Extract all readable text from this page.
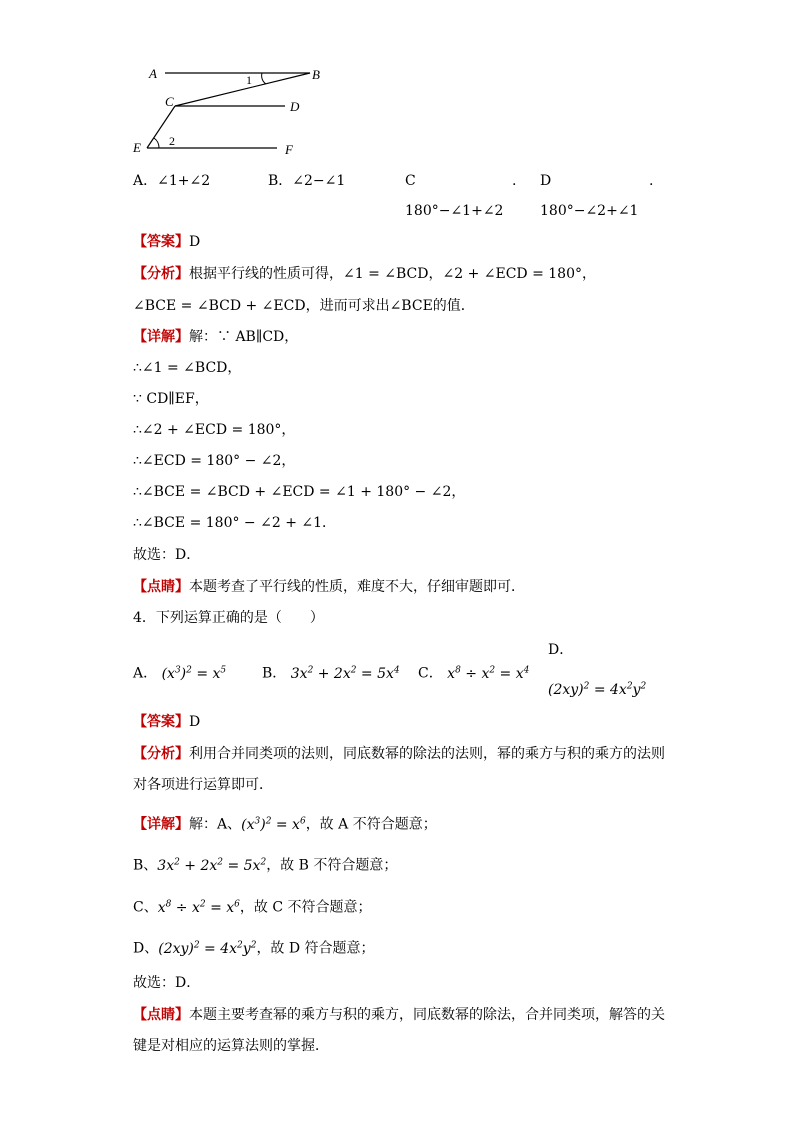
A	B
C	D
E	F
1
2
A．∠1+∠2	B．∠2−∠1	C	.
180°−∠1+∠2
D	.
180°−∠2+∠1
【答案】D
【分析】根据平行线的性质可得，∠1 = ∠BCD，∠2 + ∠ECD = 180°，
∠BCE = ∠BCD + ∠ECD，进而可求出∠BCE的值．
【详解】解：∵ AB∥CD，
∴∠1 = ∠BCD，
∵ CD∥EF，
∴∠2 + ∠ECD = 180°，
∴∠ECD = 180° − ∠2，
∴∠BCE = ∠BCD + ∠ECD = ∠1 + 180° − ∠2，
∴∠BCE = 180° − ∠2 + ∠1．
故选：D．
【点睛】本题考查了平行线的性质，难度不大，仔细审题即可．
4．下列运算正确的是（　　）
D．
A． $(x^3)^2 = x^5$	B． $3x^2 + 2x^2 = 5x^4$ C． $x^8 \div x^2 = x^4$
$(2xy)^2 = 4x^2y^2$
【答案】D
【分析】利用合并同类项的法则，同底数幂的除法的法则，幂的乘方与积的乘方的法则
对各项进行运算即可．
【详解】解：A、$(x^3)^2 = x^6$，故 A 不符合题意；
B、$3x^2 + 2x^2 = 5x^2$，故 B 不符合题意；
C、$x^8 \div x^2 = x^6$，故 C 不符合题意；
D、$(2xy)^2 = 4x^2y^2$，故 D 符合题意；
故选：D．
【点睛】本题主要考查幂的乘方与积的乘方，同底数幂的除法，合并同类项，解答的关
键是对相应的运算法则的掌握．
